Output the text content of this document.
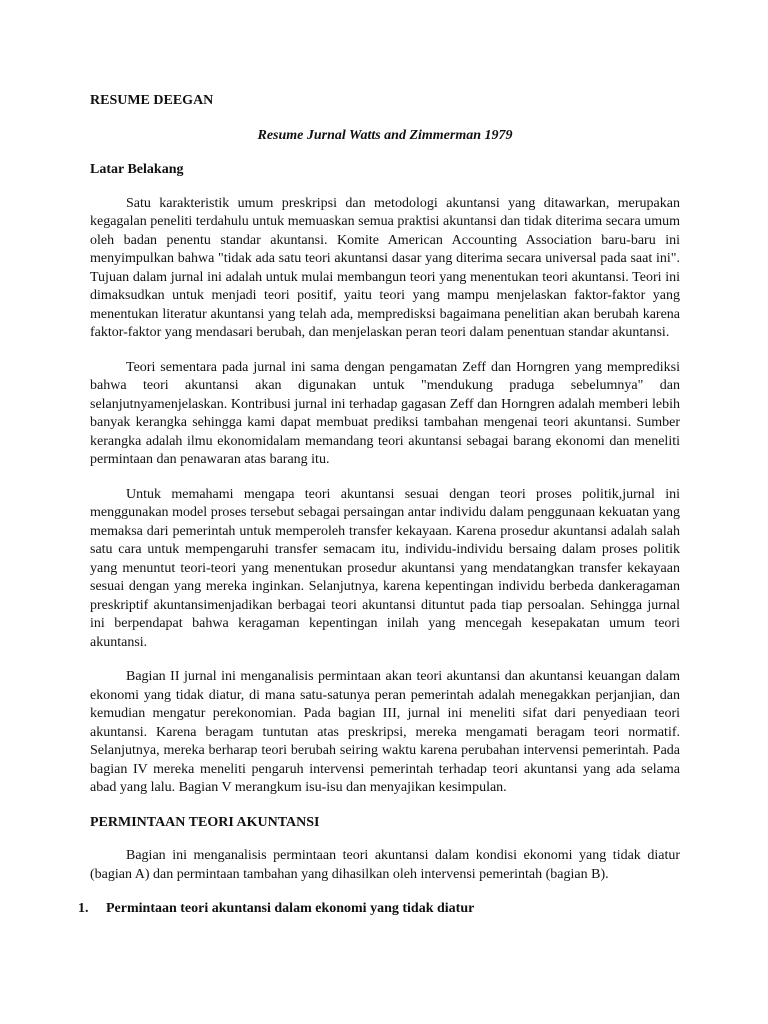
RESUME DEEGAN
Resume Jurnal Watts and Zimmerman 1979
Latar Belakang

Satu karakteristik umum preskripsi dan metodologi akuntansi yang ditawarkan, merupakan kegagalan peneliti terdahulu untuk memuaskan semua praktisi akuntansi dan tidak diterima secara umum oleh badan penentu standar akuntansi. Komite American Accounting Association baru-baru ini menyimpulkan bahwa "tidak ada satu teori akuntansi dasar yang diterima secara universal pada saat ini". Tujuan dalam jurnal ini adalah untuk mulai membangun teori yang menentukan teori akuntansi. Teori ini dimaksudkan untuk menjadi teori positif, yaitu teori yang mampu menjelaskan faktor-faktor yang menentukan literatur akuntansi yang telah ada, mempredisksi bagaimana penelitian akan berubah karena faktor-faktor yang mendasari berubah, dan menjelaskan peran teori dalam penentuan standar akuntansi.

Teori sementara pada jurnal ini sama dengan pengamatan Zeff dan Horngren yang memprediksi bahwa teori akuntansi akan digunakan untuk "mendukung praduga sebelumnya" dan selanjutnyamenjelaskan. Kontribusi jurnal ini terhadap gagasan Zeff dan Horngren adalah memberi lebih banyak kerangka sehingga kami dapat membuat prediksi tambahan mengenai teori akuntansi. Sumber kerangka adalah ilmu ekonomidalam memandang teori akuntansi sebagai barang ekonomi dan meneliti permintaan dan penawaran atas barang itu.

Untuk memahami mengapa teori akuntansi sesuai dengan teori proses politik,jurnal ini menggunakan model proses tersebut sebagai persaingan antar individu dalam penggunaan kekuatan yang memaksa dari pemerintah untuk memperoleh transfer kekayaan. Karena prosedur akuntansi adalah salah satu cara untuk mempengaruhi transfer semacam itu, individu-individu bersaing dalam proses politik yang menuntut teori-teori yang menentukan prosedur akuntansi yang mendatangkan transfer kekayaan sesuai dengan yang mereka inginkan. Selanjutnya, karena kepentingan individu berbeda dankeragaman preskriptif akuntansimenjadikan berbagai teori akuntansi dituntut pada tiap persoalan. Sehingga jurnal ini berpendapat bahwa keragaman kepentingan inilah yang mencegah kesepakatan umum teori akuntansi.

Bagian II jurnal ini menganalisis permintaan akan teori akuntansi dan akuntansi keuangan dalam ekonomi yang tidak diatur, di mana satu-satunya peran pemerintah adalah menegakkan perjanjian, dan kemudian mengatur perekonomian. Pada bagian III, jurnal ini meneliti sifat dari penyediaan teori akuntansi. Karena beragam tuntutan atas preskripsi, mereka mengamati beragam teori normatif. Selanjutnya, mereka berharap teori berubah seiring waktu karena perubahan intervensi pemerintah. Pada bagian IV mereka meneliti pengaruh intervensi pemerintah terhadap teori akuntansi yang ada selama abad yang lalu. Bagian V merangkum isu-isu dan menyajikan kesimpulan.

PERMINTAAN TEORI AKUNTANSI

Bagian ini menganalisis permintaan teori akuntansi dalam kondisi ekonomi yang tidak diatur (bagian A) dan permintaan tambahan yang dihasilkan oleh intervensi pemerintah (bagian B).

1. Permintaan teori akuntansi dalam ekonomi yang tidak diatur
